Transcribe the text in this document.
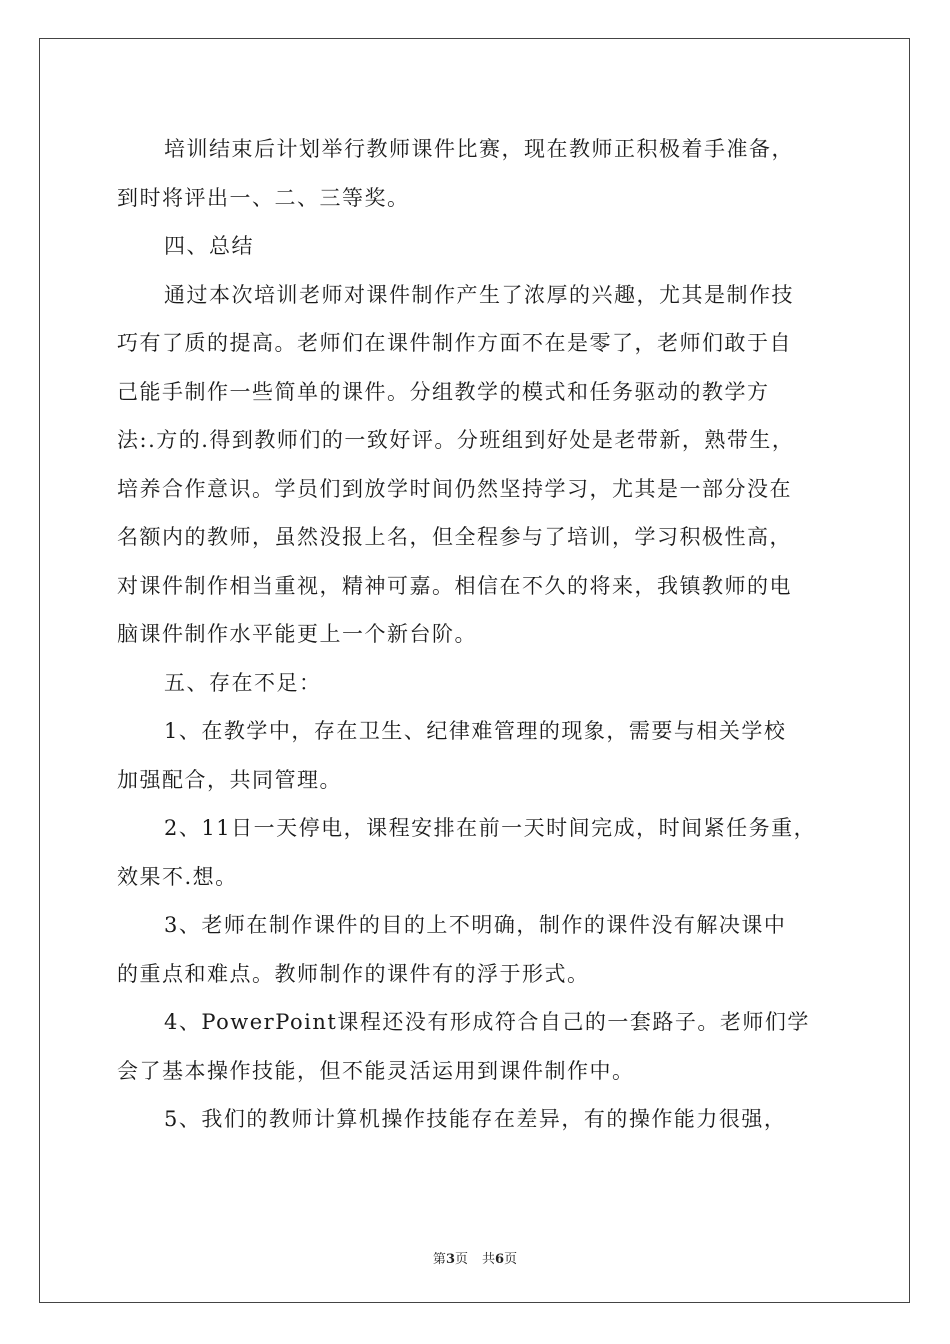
培训结束后计划举行教师课件比赛，现在教师正积极着手准备，
到时将评出一、二、三等奖。
四、总结
通过本次培训老师对课件制作产生了浓厚的兴趣，尤其是制作技
巧有了质的提高。老师们在课件制作方面不在是零了，老师们敢于自
己能手制作一些简单的课件。分组教学的模式和任务驱动的教学方
法:.方的.得到教师们的一致好评。分班组到好处是老带新，熟带生，
培养合作意识。学员们到放学时间仍然坚持学习，尤其是一部分没在
名额内的教师，虽然没报上名，但全程参与了培训，学习积极性高，
对课件制作相当重视，精神可嘉。相信在不久的将来，我镇教师的电
脑课件制作水平能更上一个新台阶。
五、存在不足：
1、在教学中，存在卫生、纪律难管理的现象，需要与相关学校
加强配合，共同管理。
2、11日一天停电，课程安排在前一天时间完成，时间紧任务重，
效果不.想。
3、老师在制作课件的目的上不明确，制作的课件没有解决课中
的重点和难点。教师制作的课件有的浮于形式。
4、PowerPoint课程还没有形成符合自己的一套路子。老师们学
会了基本操作技能，但不能灵活运用到课件制作中。
5、我们的教师计算机操作技能存在差异，有的操作能力很强，
第3页 共6页
